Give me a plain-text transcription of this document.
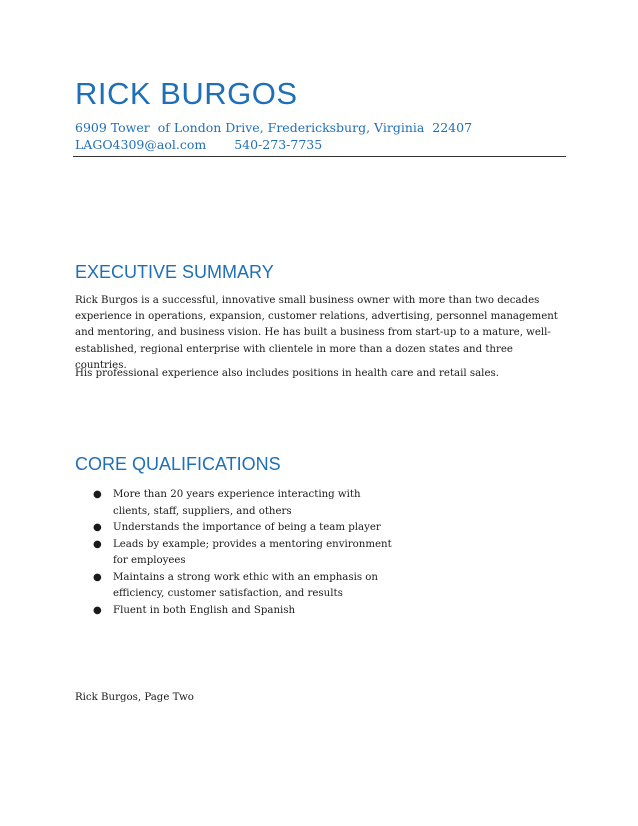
RICK BURGOS
6909 Tower  of London Drive, Fredericksburg, Virginia  22407
LAGO4309@aol.com 540-273-7735
EXECUTIVE SUMMARY

Rick Burgos is a successful, innovative small business owner with more than two decades experience in operations, expansion, customer relations, advertising, personnel management and mentoring, and business vision. He has built a business from start-up to a mature, well-established, regional enterprise with clientele in more than a dozen states and three countries.

His professional experience also includes positions in health care and retail sales.

CORE QUALIFICATIONS
● More than 20 years experience interacting with clients, staff, suppliers, and others
● Understands the importance of being a team player
● Leads by example; provides a mentoring environment for employees
● Maintains a strong work ethic with an emphasis on efficiency, customer satisfaction, and results
● Fluent in both English and Spanish
Rick Burgos, Page Two
